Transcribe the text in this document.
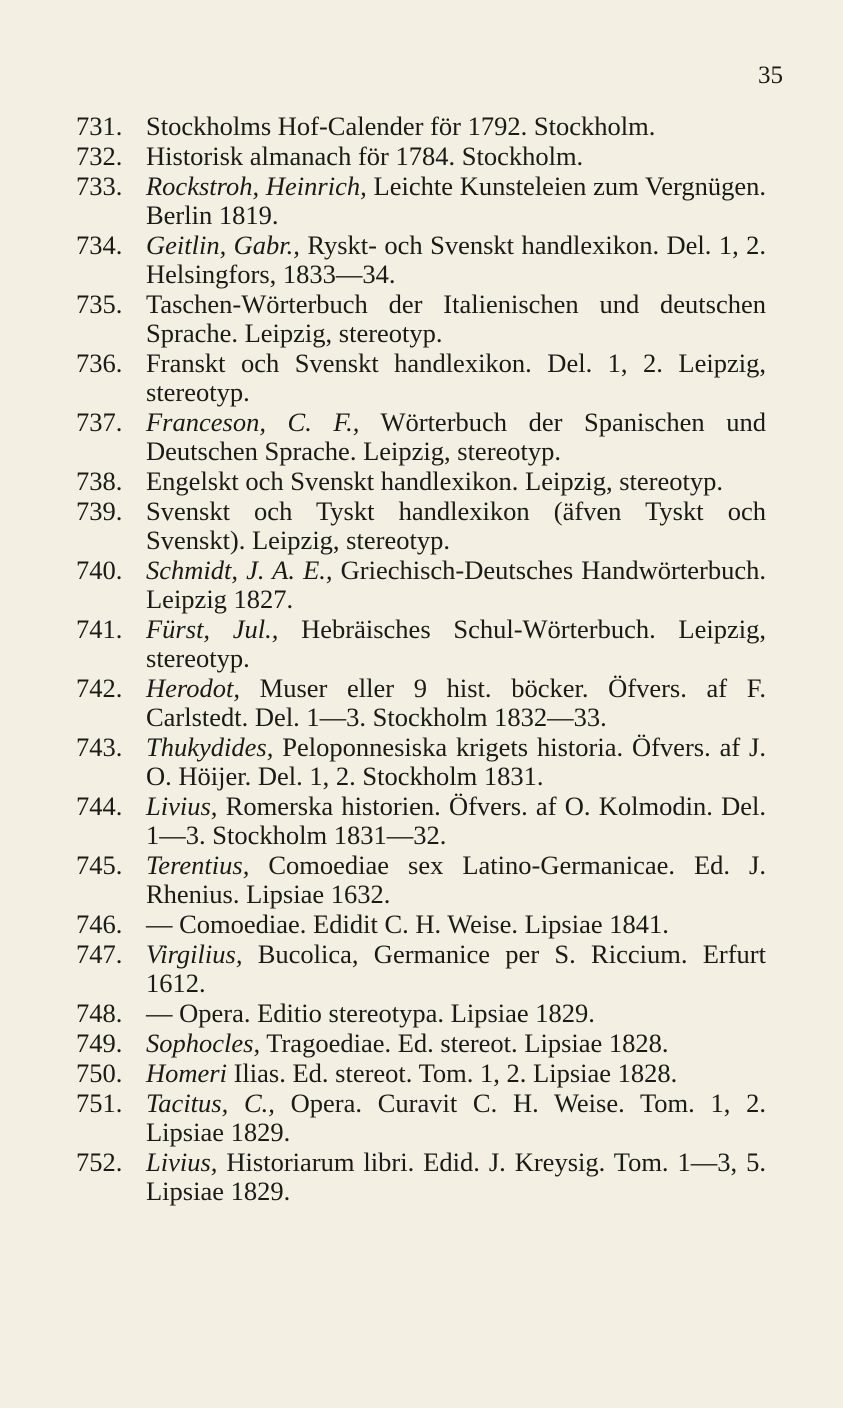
35
731. Stockholms Hof-Calender för 1792. Stockholm.
732. Historisk almanach för 1784. Stockholm.
733. Rockstroh, Heinrich, Leichte Kunsteleien zum Vergnügen. Berlin 1819.
734. Geitlin, Gabr., Ryskt- och Svenskt handlexikon. Del. 1, 2. Helsingfors, 1833—34.
735. Taschen-Wörterbuch der Italienischen und deutschen Sprache. Leipzig, stereotyp.
736. Franskt och Svenskt handlexikon. Del. 1, 2. Leipzig, stereotyp.
737. Franceson, C. F., Wörterbuch der Spanischen und Deutschen Sprache. Leipzig, stereotyp.
738. Engelskt och Svenskt handlexikon. Leipzig, stereotyp.
739. Svenskt och Tyskt handlexikon (äfven Tyskt och Svenskt). Leipzig, stereotyp.
740. Schmidt, J. A. E., Griechisch-Deutsches Handwörterbuch. Leipzig 1827.
741. Fürst, Jul., Hebräisches Schul-Wörterbuch. Leipzig, stereotyp.
742. Herodot, Muser eller 9 hist. böcker. Öfvers. af F. Carlstedt. Del. 1—3. Stockholm 1832—33.
743. Thukydides, Peloponnesiska krigets historia. Öfvers. af J. O. Höijer. Del. 1, 2. Stockholm 1831.
744. Livius, Romerska historien. Öfvers. af O. Kolmodin. Del. 1—3. Stockholm 1831—32.
745. Terentius, Comoediae sex Latino-Germanicae. Ed. J. Rhenius. Lipsiae 1632.
746. — Comoediae. Edidit C. H. Weise. Lipsiae 1841.
747. Virgilius, Bucolica, Germanice per S. Riccium. Erfurt 1612.
748. — Opera. Editio stereotypa. Lipsiae 1829.
749. Sophocles, Tragoediae. Ed. stereot. Lipsiae 1828.
750. Homeri Ilias. Ed. stereot. Tom. 1, 2. Lipsiae 1828.
751. Tacitus, C., Opera. Curavit C. H. Weise. Tom. 1, 2. Lipsiae 1829.
752. Livius, Historiarum libri. Edid. J. Kreysig. Tom. 1—3, 5. Lipsiae 1829.
